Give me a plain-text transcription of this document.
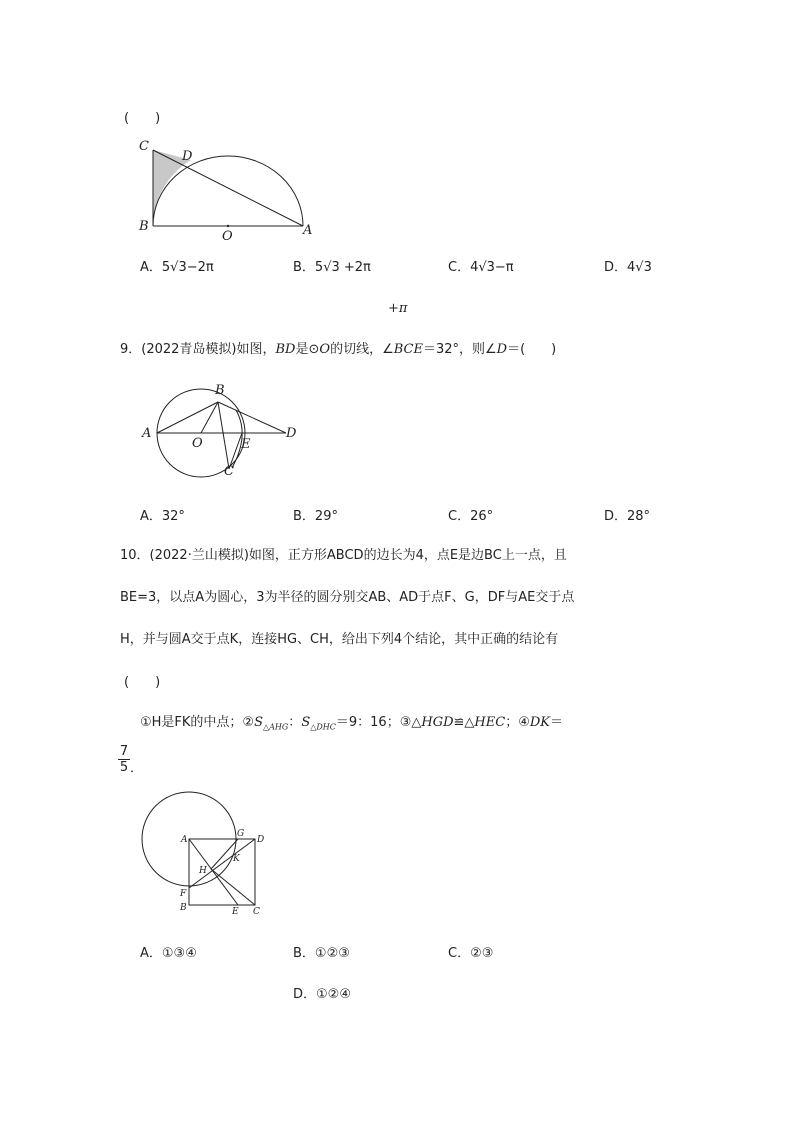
(　　)
C
D
B
O	A
A．5√3−2π	B．5√3 +2π	C．4√3−π	D．4√3
+π
9．(2022青岛模拟)如图，BD是⊙O的切线，∠BCE＝32°，则∠D＝(　　)
A
B
O	E
D
C
A．32°	B．29°	C．26°	D．28°
10．(2022·兰山模拟)如图，正方形ABCD的边长为4，点E是边BC上一点，且
BE=3，以点A为圆心，3为半径的圆分别交AB、AD于点F、G，DF与AE交于点
H，并与圆A交于点K，连接HG、CH，给出下列4个结论，其中正确的结论有
(　　)
①H是FK的中点；$②S_{\triangle AHG}$：$S_{\triangle DHC}=9$：16；③△HGD≌△HEC；④DK＝
7
5 ．
A
G
D
K
H
F
B	E C
A．①③④	B．①②③	C．②③
D．①②④
